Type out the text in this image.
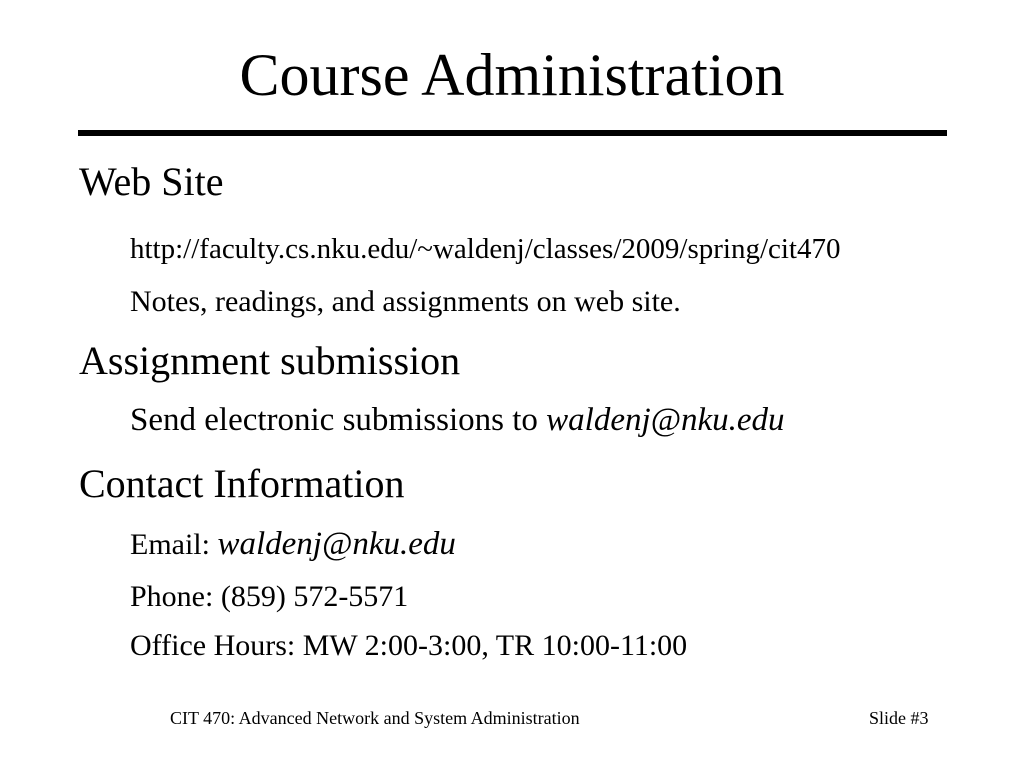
Course Administration
Web Site
http://faculty.cs.nku.edu/~waldenj/classes/2009/spring/cit470
Notes, readings, and assignments on web site.
Assignment submission
Send electronic submissions to waldenj@nku.edu
Contact Information
Email: waldenj@nku.edu
Phone: (859) 572-5571
Office Hours: MW 2:00-3:00, TR 10:00-11:00
CIT 470: Advanced Network and System Administration	Slide #3
